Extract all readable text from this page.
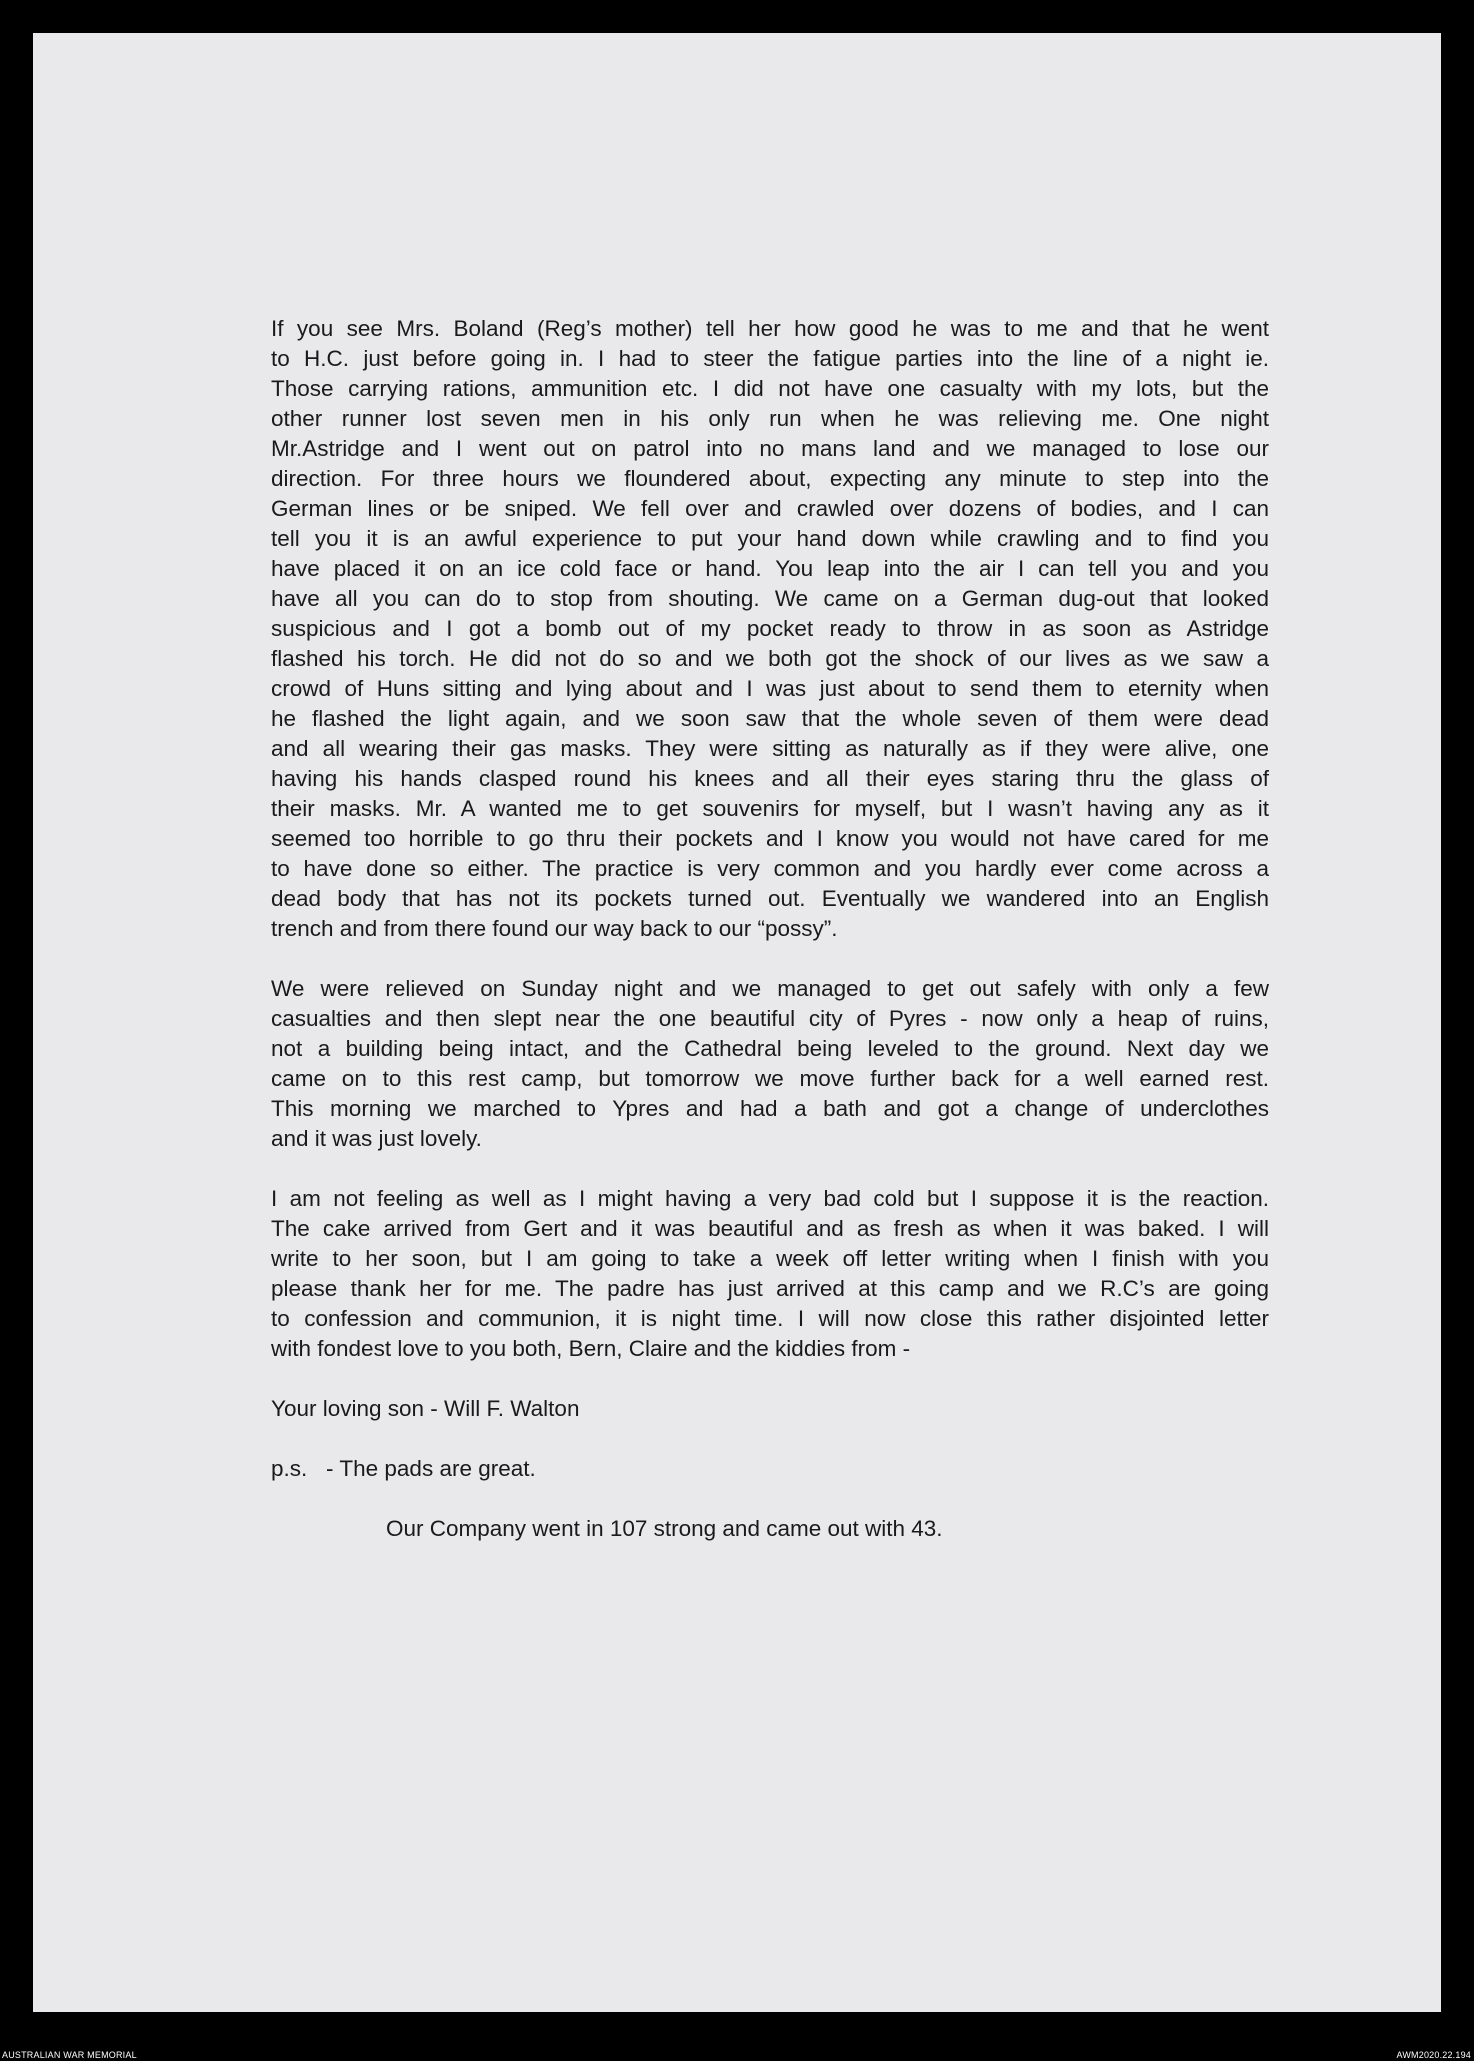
If you see Mrs. Boland (Reg’s mother) tell her how good he was to me and that he went
to H.C. just before going in. I had to steer the fatigue parties into the line of a night ie.
Those carrying rations, ammunition etc. I did not have one casualty with my lots, but the
other runner lost seven men in his only run when he was relieving me. One night
Mr.Astridge and I went out on patrol into no mans land and we managed to lose our
direction. For three hours we floundered about, expecting any minute to step into the
German lines or be sniped. We fell over and crawled over dozens of bodies, and I can
tell you it is an awful experience to put your hand down while crawling and to find you
have placed it on an ice cold face or hand. You leap into the air I can tell you and you
have all you can do to stop from shouting. We came on a German dug-out that looked
suspicious and I got a bomb out of my pocket ready to throw in as soon as Astridge
flashed his torch. He did not do so and we both got the shock of our lives as we saw a
crowd of Huns sitting and lying about and I was just about to send them to eternity when
he flashed the light again, and we soon saw that the whole seven of them were dead
and all wearing their gas masks. They were sitting as naturally as if they were alive, one
having his hands clasped round his knees and all their eyes staring thru the glass of
their masks. Mr. A wanted me to get souvenirs for myself, but I wasn’t having any as it
seemed too horrible to go thru their pockets and I know you would not have cared for me
to have done so either. The practice is very common and you hardly ever come across a
dead body that has not its pockets turned out. Eventually we wandered into an English
trench and from there found our way back to our “possy”.
We were relieved on Sunday night and we managed to get out safely with only a few
casualties and then slept near the one beautiful city of Pyres - now only a heap of ruins,
not a building being intact, and the Cathedral being leveled to the ground. Next day we
came on to this rest camp, but tomorrow we move further back for a well earned rest.
This morning we marched to Ypres and had a bath and got a change of underclothes
and it was just lovely.
I am not feeling as well as I might having a very bad cold but I suppose it is the reaction.
The cake arrived from Gert and it was beautiful and as fresh as when it was baked. I will
write to her soon, but I am going to take a week off letter writing when I finish with you
please thank her for me. The padre has just arrived at this camp and we R.C’s are going
to confession and communion, it is night time. I will now close this rather disjointed letter
with fondest love to you both, Bern, Claire and the kiddies from -
Your loving son - Will F. Walton
p.s. - The pads are great.
Our Company went in 107 strong and came out with 43.
AUSTRALIAN WAR MEMORIAL	AWM2020.22.194
